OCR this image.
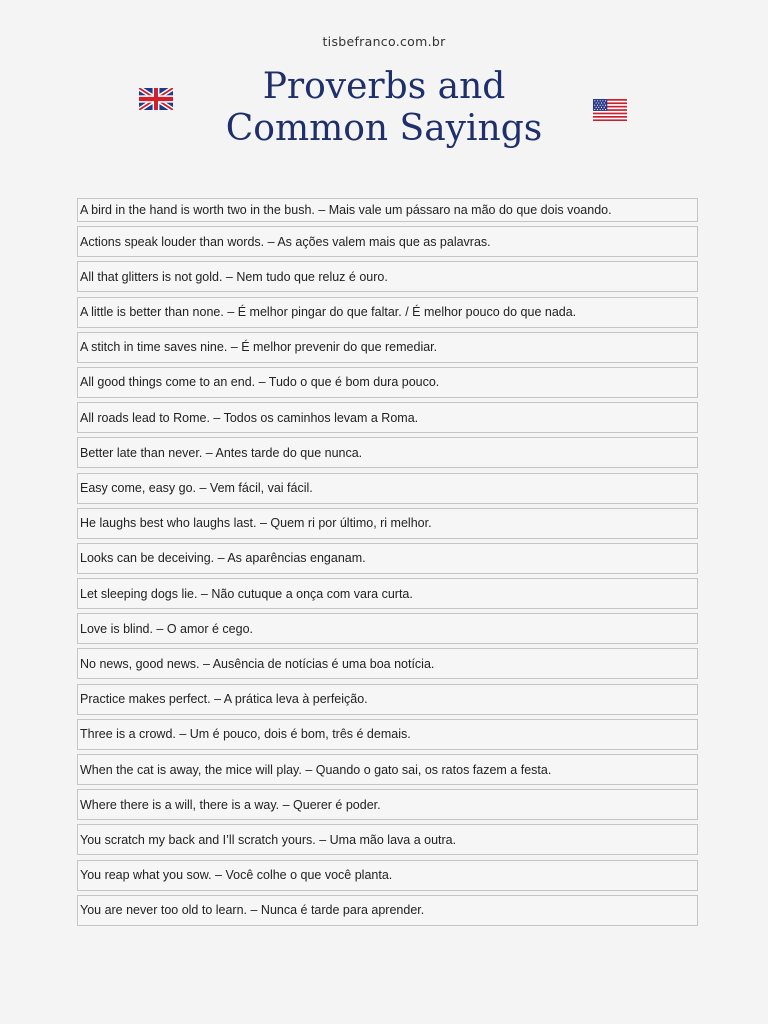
tisbefranco.com.br
Proverbs and
Common Sayings
A bird in the hand is worth two in the bush. – Mais vale um pássaro na mão do que dois voando.
Actions speak louder than words. – As ações valem mais que as palavras.
All that glitters is not gold. – Nem tudo que reluz é ouro.
A little is better than none. – É melhor pingar do que faltar. / É melhor pouco do que nada.
A stitch in time saves nine. – É melhor prevenir do que remediar.
All good things come to an end. – Tudo o que é bom dura pouco.
All roads lead to Rome. – Todos os caminhos levam a Roma.
Better late than never. – Antes tarde do que nunca.
Easy come, easy go. – Vem fácil, vai fácil.
He laughs best who laughs last. – Quem ri por último, ri melhor.
Looks can be deceiving. – As aparências enganam.
Let sleeping dogs lie. – Não cutuque a onça com vara curta.
Love is blind. – O amor é cego.
No news, good news. – Ausência de notícias é uma boa notícia.
Practice makes perfect. – A prática leva à perfeição.
Three is a crowd. – Um é pouco, dois é bom, três é demais.
When the cat is away, the mice will play. – Quando o gato sai, os ratos fazem a festa.
Where there is a will, there is a way. – Querer é poder.
You scratch my back and I’ll scratch yours. – Uma mão lava a outra.
You reap what you sow. – Você colhe o que você planta.
You are never too old to learn. – Nunca é tarde para aprender.
